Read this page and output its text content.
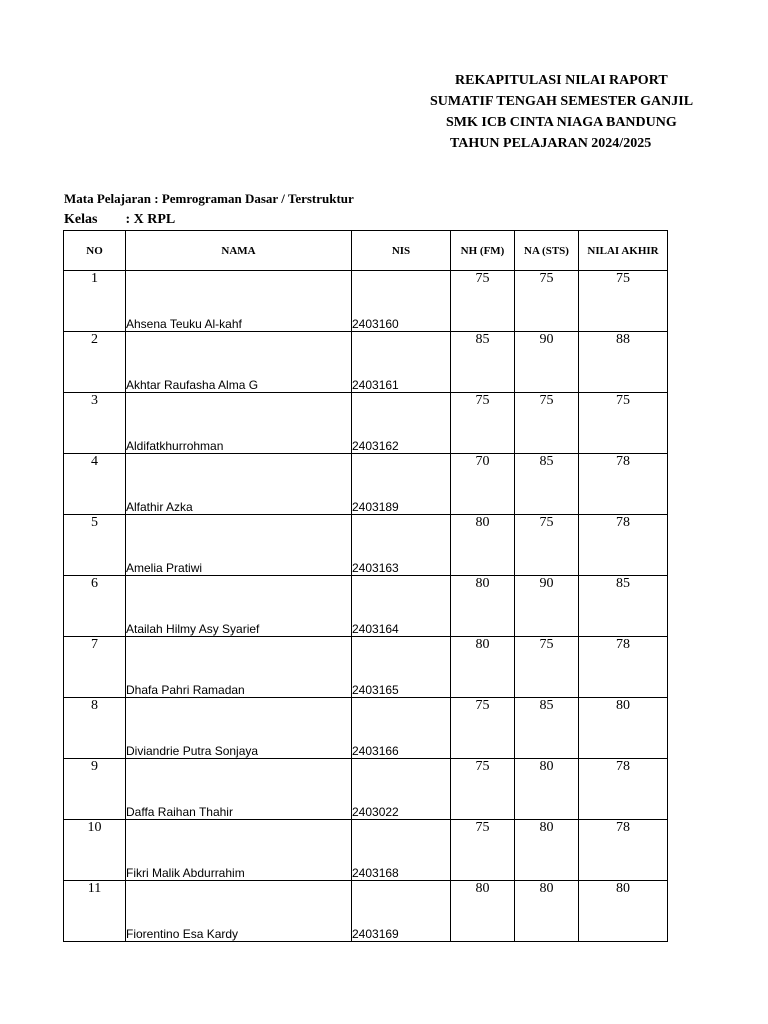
REKAPITULASI NILAI RAPORT
SUMATIF TENGAH SEMESTER GANJIL
SMK ICB CINTA NIAGA BANDUNG
TAHUN PELAJARAN 2024/2025
Mata Pelajaran : Pemrograman Dasar / Terstruktur
Kelas : X RPL
NO	NAMA	NIS	NH (FM)	NA (STS)	NILAI AKHIR
1	Ahsena Teuku Al-kahf	2403160	75	75	75
2	Akhtar Raufasha Alma G	2403161	85	90	88
3	Aldifatkhurrohman	2403162	75	75	75
4	Alfathir Azka	2403189	70	85	78
5	Amelia Pratiwi	2403163	80	75	78
6	Atailah Hilmy Asy Syarief	2403164	80	90	85
7	Dhafa Pahri Ramadan	2403165	80	75	78
8	Diviandrie Putra Sonjaya	2403166	75	85	80
9	Daffa Raihan Thahir	2403022	75	80	78
10	Fikri Malik Abdurrahim	2403168	75	80	78
11	Fiorentino Esa Kardy	2403169	80	80	80
